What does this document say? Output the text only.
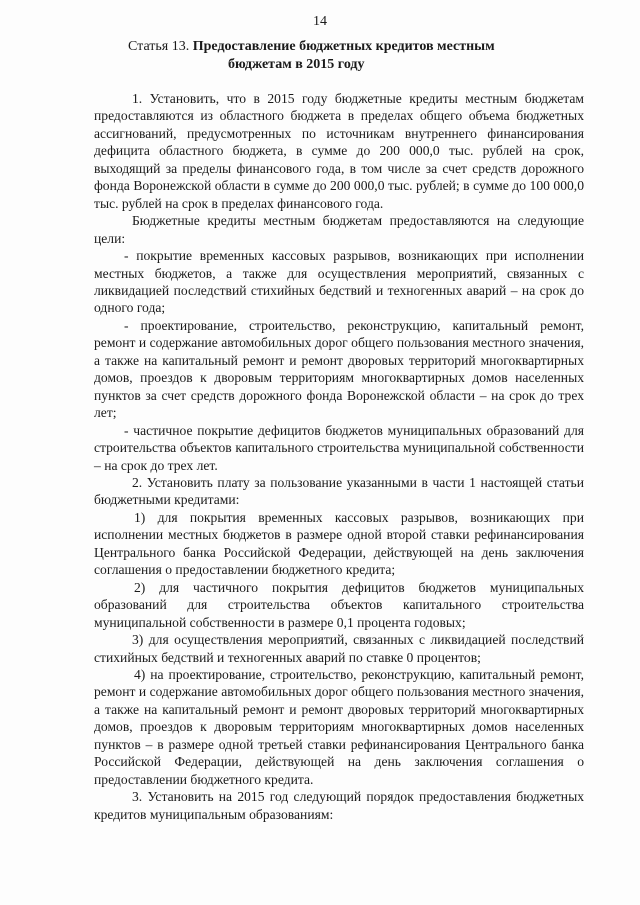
14
Статья 13. Предоставление бюджетных кредитов местным
бюджетам в 2015 году

1. Установить, что в 2015 году бюджетные кредиты местным бюджетам предоставляются из областного бюджета в пределах общего объема бюджетных ассигнований, предусмотренных по источникам внутреннего финансирования дефицита областного бюджета, в сумме до 200 000,0 тыс. рублей на срок, выходящий за пределы финансового года, в том числе за счет средств дорожного фонда Воронежской области в сумме до 200 000,0 тыс. рублей; в сумме до 100 000,0 тыс. рублей на срок в пределах финансового года.

Бюджетные кредиты местным бюджетам предоставляются на следующие цели:

- покрытие временных кассовых разрывов, возникающих при исполнении местных бюджетов, а также для осуществления мероприятий, связанных с ликвидацией последствий стихийных бедствий и техногенных аварий – на срок до одного года;

- проектирование, строительство, реконструкцию, капитальный ремонт, ремонт и содержание автомобильных дорог общего пользования местного значения, а также на капитальный ремонт и ремонт дворовых территорий многоквартирных домов, проездов к дворовым территориям многоквартирных домов населенных пунктов за счет средств дорожного фонда Воронежской области – на срок до трех лет;

- частичное покрытие дефицитов бюджетов муниципальных образований для строительства объектов капитального строительства муниципальной собственности – на срок до трех лет.

2. Установить плату за пользование указанными в части 1 настоящей статьи бюджетными кредитами:

1) для покрытия временных кассовых разрывов, возникающих при исполнении местных бюджетов в размере одной второй ставки рефинансирования Центрального банка Российской Федерации, действующей на день заключения соглашения о предоставлении бюджетного кредита;

2) для частичного покрытия дефицитов бюджетов муниципальных образований для строительства объектов капитального строительства муниципальной собственности в размере 0,1 процента годовых;

3) для осуществления мероприятий, связанных с ликвидацией последствий стихийных бедствий и техногенных аварий по ставке 0 процентов;

4) на проектирование, строительство, реконструкцию, капитальный ремонт, ремонт и содержание автомобильных дорог общего пользования местного значения, а также на капитальный ремонт и ремонт дворовых территорий многоквартирных домов, проездов к дворовым территориям многоквартирных домов населенных пунктов – в размере одной третьей ставки рефинансирования Центрального банка Российской Федерации, действующей на день заключения соглашения о предоставлении бюджетного кредита.

3. Установить на 2015 год следующий порядок предоставления бюджетных кредитов муниципальным образованиям:
